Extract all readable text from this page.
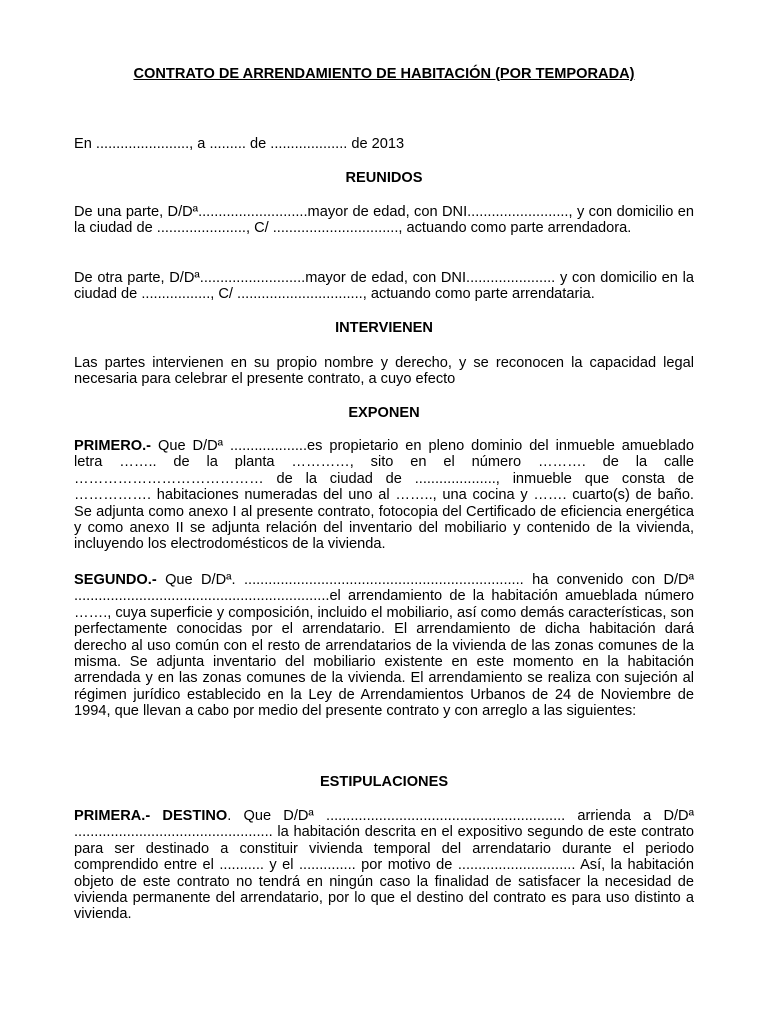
CONTRATO DE ARRENDAMIENTO DE HABITACIÓN (POR TEMPORADA)

En ......................., a ......... de ................... de 2013

REUNIDOS

De una parte, D/Dª...........................mayor de edad, con DNI........................., y con domicilio en la ciudad de ......................, C/ ..............................., actuando como parte arrendadora.

De otra parte, D/Dª..........................mayor de edad, con DNI...................... y con domicilio en la ciudad de ................., C/ ..............................., actuando como parte arrendataria.

INTERVIENEN

Las partes intervienen en su propio nombre y derecho, y se reconocen la capacidad legal necesaria para celebrar el presente contrato, a cuyo efecto

EXPONEN

PRIMERO.- Que D/Dª ...................es propietario en pleno dominio del inmueble amueblado letra …….. de la planta …………, sito en el número ………. de la calle ………………………………… de la ciudad de ...................., inmueble que consta de ……………. habitaciones numeradas del uno al …….., una cocina y ……. cuarto(s) de baño. Se adjunta como anexo I al presente contrato, fotocopia del Certificado de eficiencia energética y como anexo II se adjunta relación del inventario del mobiliario y contenido de la vivienda, incluyendo los electrodomésticos de la vivienda.

SEGUNDO.- Que D/Dª. ..................................................................... ha convenido con D/Dª ...............................................................el arrendamiento de la habitación amueblada número ……., cuya superficie y composición, incluido el mobiliario, así como demás características, son perfectamente conocidas por el arrendatario. El arrendamiento de dicha habitación dará derecho al uso común con el resto de arrendatarios de la vivienda de las zonas comunes de la misma. Se adjunta inventario del mobiliario existente en este momento en la habitación arrendada y en las zonas comunes de la vivienda. El arrendamiento se realiza con sujeción al régimen jurídico establecido en la Ley de Arrendamientos Urbanos de 24 de Noviembre de 1994, que llevan a cabo por medio del presente contrato y con arreglo a las siguientes:

ESTIPULACIONES

PRIMERA.- DESTINO. Que D/Dª ........................................................... arrienda a D/Dª ................................................. la habitación descrita en el expositivo segundo de este contrato para ser destinado a constituir vivienda temporal del arrendatario durante el periodo comprendido entre el ........... y el .............. por motivo de ............................. Así, la habitación objeto de este contrato no tendrá en ningún caso la finalidad de satisfacer la necesidad de vivienda permanente del arrendatario, por lo que el destino del contrato es para uso distinto a vivienda.
